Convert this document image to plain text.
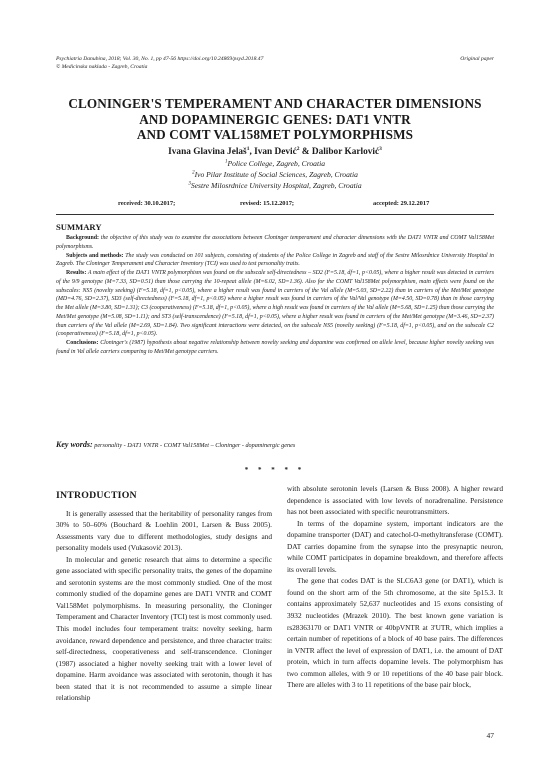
Psychiatria Danubina, 2018; Vol. 30, No. 1, pp 47-56 https://doi.org/10.24869/psyd.2018.47
© Medicinska naklada - Zagreb, Croatia
Original paper
CLONINGER'S TEMPERAMENT AND CHARACTER DIMENSIONS
AND DOPAMINERGIC GENES: DAT1 VNTR
AND COMT VAL158MET POLYMORPHISMS
Ivana Glavina Jelaš$^1$, Ivan Dević$^2$ & Dalibor Karlović$^3$
$^1$Police College, Zagreb, Croatia
$^2$Ivo Pilar Institute of Social Sciences, Zagreb, Croatia
$^3$Sestre Milosrdnice University Hospital, Zagreb, Croatia
received: 30.10.2017;	revised: 15.12.2017;	accepted: 29.12.2017
SUMMARY

Background: the objective of this study was to examine the associations between Cloninger temperament and character dimensions with the DAT1 VNTR and COMT Val158Met polymorphisms.

Subjects and methods: The study was conducted on 101 subjects, consisting of students of the Police College in Zagreb and staff of the Sestre Milosrdnice University Hospital in Zagreb. The Cloninger Temperament and Character Inventory (TCI) was used to test personality traits.

Results: A main effect of the DAT1 VNTR polymorphism was found on the subscale self-directedness – SD2 (F=5.18, df=1, p<0.05), where a higher result was detected in carriers of the 9/9 genotype (M=7.33, SD=0.51) than those carrying the 10-repeat allele (M=6.02, SD=1.36). Also for the COMT Val158Met polymorphism, main effects were found on the subscales: NS5 (novelty seeking) (F=5.18, df=1, p<0.05), where a higher result was found in carriers of the Val allele (M=5.03, SD=2.22) than in carriers of the Met/Met genotype (MD=4.76, SD=2.37), SD3 (self-directedness) (F=5.18, df=1, p<0.05) where a higher result was found in carriers of the Val/Val genotype (M=4.50, SD=0.78) than in those carrying the Met allele (M=3.80, SD=1.31); C3 (cooperativeness) (F=5.18, df=1, p<0.05), where a high result was found in carriers of the Val allele (M=5.68, SD=1.25) than those carrying the Met/Met genotype (M=5.08, SD=1.11); and ST3 (self-transcendence) (F=5.18, df=1, p<0.05), where a higher result was found in carriers of the Met/Met genotype (M=3.46, SD=2.37) than carriers of the Val allele (M=2.69, SD=1.84). Two significant interactions were detected, on the subscale NS5 (novelty seeking) (F=5.18, df=1, p<0.05), and on the subscale C2 (cooperativeness) (F=5.18, df=1, p<0.05).

Conclusions: Cloninger's (1987) hypothesis about negative relationship between novelty seeking and dopamine was confirmed on allele level, because higher novelty seeking was found in Val allele carriers comparing to Met/Met genotype carriers.

Key words: personality - DAT1 VNTR - COMT Val158Met – Cloninger - dopaminergic genes
* * * * *
INTRODUCTION

It is generally assessed that the heritability of personality ranges from 30% to 50–60% (Bouchard & Loehlin 2001, Larsen & Buss 2005). Assessments vary due to different methodologies, study designs and personality models used (Vukasović 2013).

In molecular and genetic research that aims to determine a specific gene associated with specific personality traits, the genes of the dopamine and serotonin systems are the most commonly studied. One of the most commonly studied of the dopamine genes are DAT1 VNTR and COMT Val158Met polymorphisms. In measuring personality, the Cloninger Temperament and Character Inventory (TCI) test is most commonly used. This model includes four temperament traits: novelty seeking, harm avoidance, reward dependence and persistence, and three character traits: self-directedness, cooperativeness and self-transcendence. Cloninger (1987) associated a higher novelty seeking trait with a lower level of dopamine. Harm avoidance was associated with serotonin, though it has been stated that it is not recommended to assume a simple linear relationship

with absolute serotonin levels (Larsen & Buss 2008). A higher reward dependence is associated with low levels of noradrenaline. Persistence has not been associated with specific neurotransmitters.

In terms of the dopamine system, important indicators are the dopamine transporter (DAT) and catechol-O-methyltransferase (COMT). DAT carries dopamine from the synapse into the presynaptic neuron, while COMT participates in dopamine breakdown, and therefore affects its overall levels.

The gene that codes DAT is the SLC6A3 gene (or DAT1), which is found on the short arm of the 5th chromosome, at the site 5p15.3. It contains approximately 52,637 nucleotides and 15 exons consisting of 3932 nucleotides (Mrazek 2010). The best known gene variation is rs28363170 or DAT1 VNTR or 40bpVNTR at 3'UTR, which implies a certain number of repetitions of a block of 40 base pairs. The differences in VNTR affect the level of expression of DAT1, i.e. the amount of DAT protein, which in turn affects dopamine levels. The polymorphism has two common alleles, with 9 or 10 repetitions of the 40 base pair block. There are alleles with 3 to 11 repetitions of the base pair block,

47
